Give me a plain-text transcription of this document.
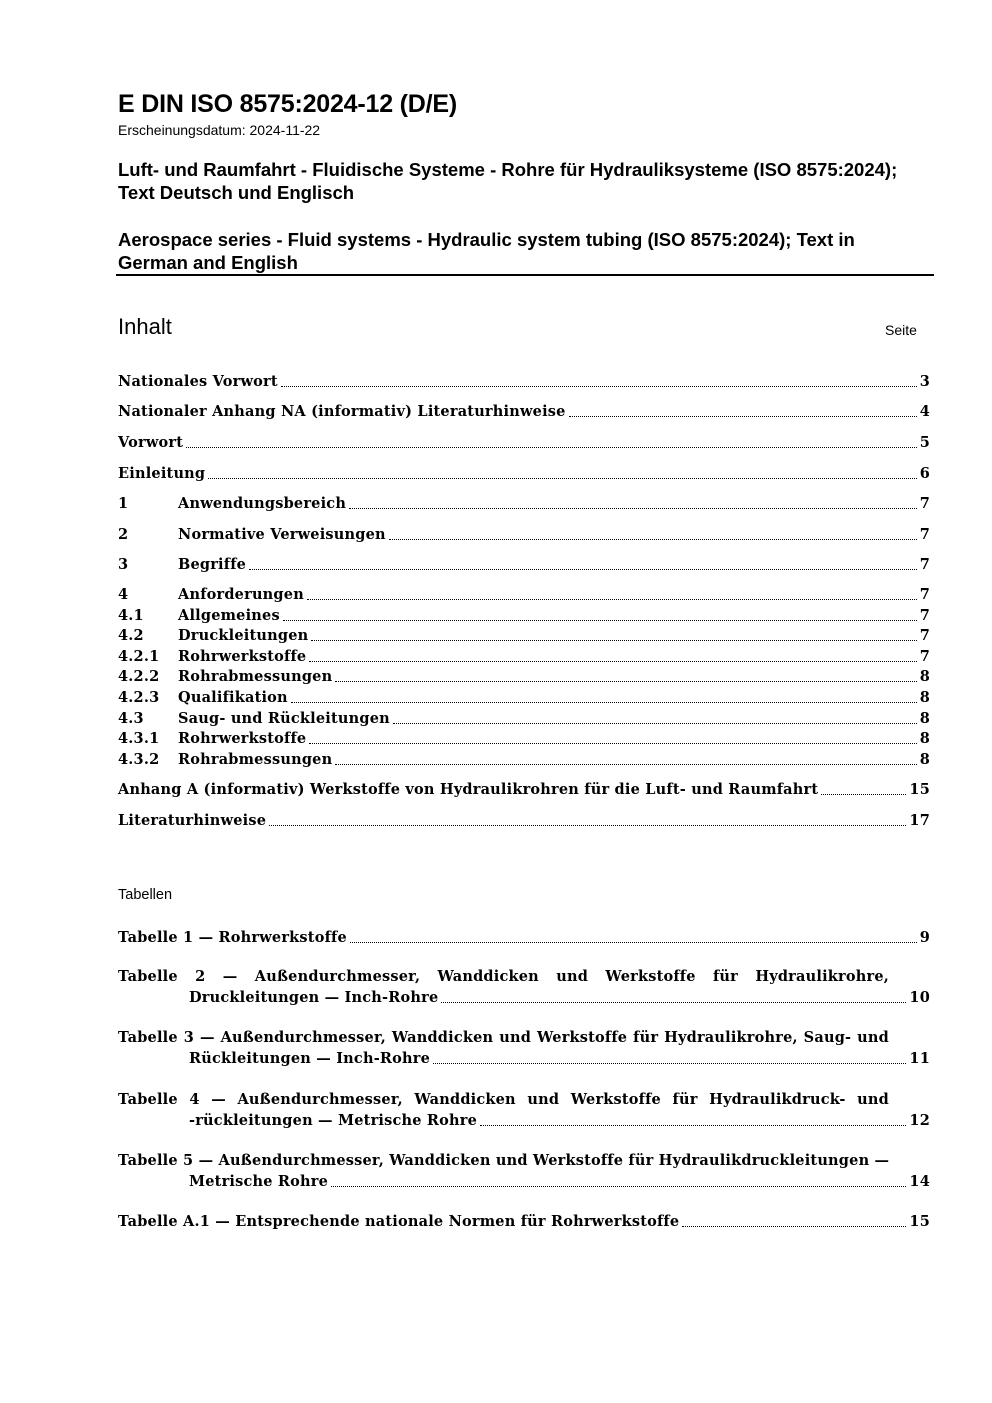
E DIN ISO 8575:2024-12 (D/E)
Erscheinungsdatum: 2024-11-22
Luft- und Raumfahrt - Fluidische Systeme - Rohre für Hydrauliksysteme (ISO 8575:2024); Text Deutsch und Englisch
Aerospace series - Fluid systems - Hydraulic system tubing (ISO 8575:2024); Text in German and English
Inhalt	Seite
Nationales Vorwort	3
Nationaler Anhang NA (informativ) Literaturhinweise	4
Vorwort	5
Einleitung	6
1	Anwendungsbereich	7
2	Normative Verweisungen	7
3	Begriffe	7
4	Anforderungen	7
4.1 Allgemeines	7
4.2 Druckleitungen	7
4.2.1 Rohrwerkstoffe	7
4.2.2 Rohrabmessungen	8
4.2.3 Qualifikation	8
4.3 Saug- und Rückleitungen	8
4.3.1 Rohrwerkstoffe	8
4.3.2 Rohrabmessungen	8
Anhang A (informativ) Werkstoffe von Hydraulikrohren für die Luft- und Raumfahrt	15
Literaturhinweise	17
Tabellen
Tabelle 1 — Rohrwerkstoffe	9
Tabelle 2 — Außendurchmesser, Wanddicken und Werkstoffe für Hydraulikrohre,
Druckleitungen — Inch-Rohre	10
Tabelle 3 — Außendurchmesser, Wanddicken und Werkstoffe für Hydraulikrohre, Saug- und
Rückleitungen — Inch-Rohre	11
Tabelle 4 — Außendurchmesser, Wanddicken und Werkstoffe für Hydraulikdruck- und
-rückleitungen — Metrische Rohre	12
Tabelle 5 — Außendurchmesser, Wanddicken und Werkstoffe für Hydraulikdruckleitungen —
Metrische Rohre	14
Tabelle A.1 — Entsprechende nationale Normen für Rohrwerkstoffe	15
